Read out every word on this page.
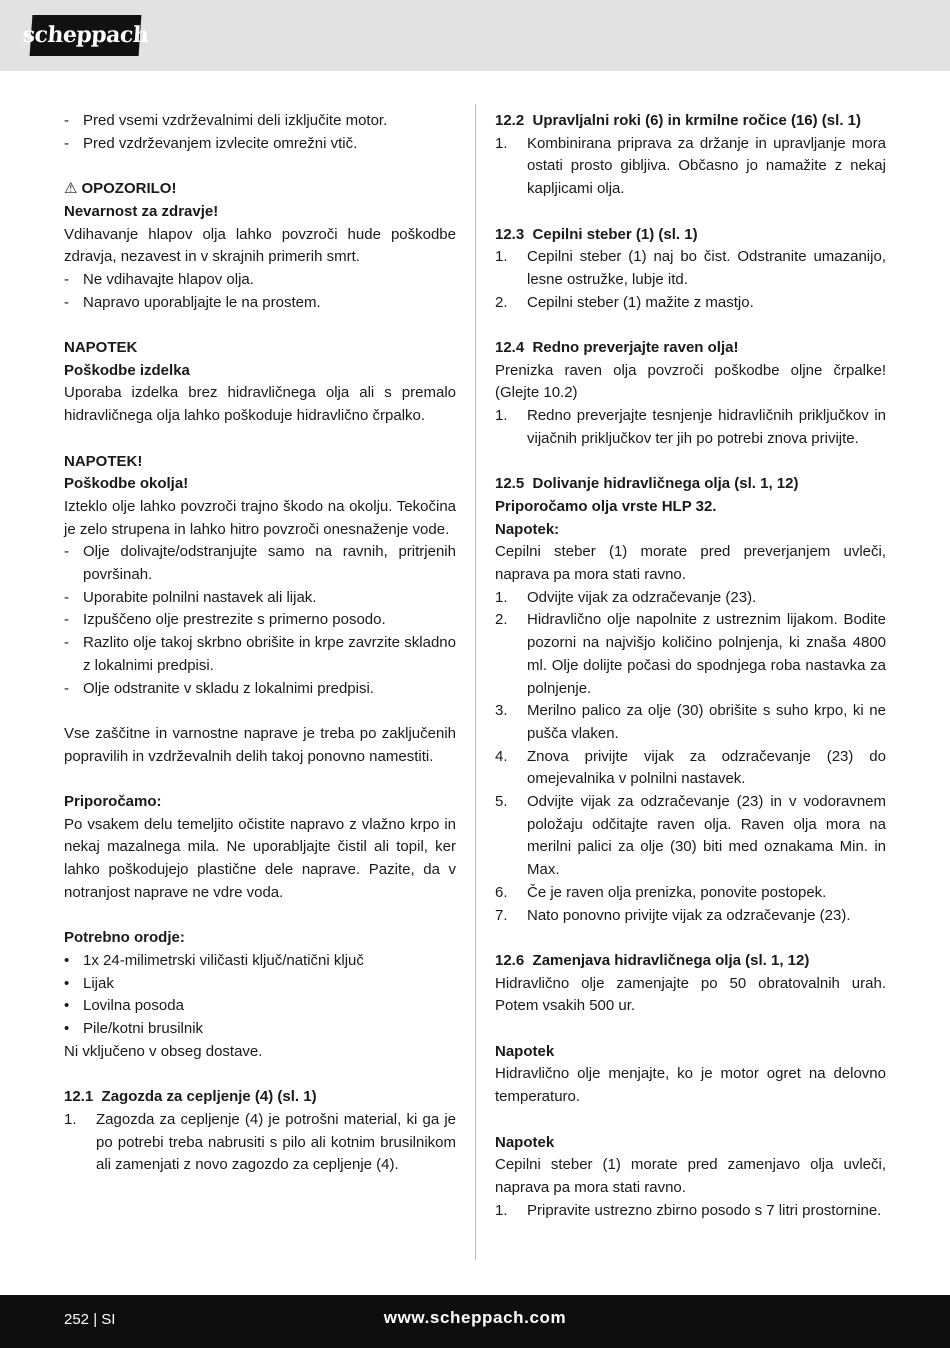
scheppach

- Pred vsemi vzdrževalnimi deli izključite motor.

- Pred vzdrževanjem izvlecite omrežni vtič.

⚠ OPOZORILO!

Nevarnost za zdravje!

Vdihavanje hlapov olja lahko povzroči hude poškodbe zdravja, nezavest in v skrajnih primerih smrt.

- Ne vdihavajte hlapov olja.

- Napravo uporabljajte le na prostem.

NAPOTEK

Poškodbe izdelka

Uporaba izdelka brez hidravličnega olja ali s premalo hidravličnega olja lahko poškoduje hidravlično črpalko.

NAPOTEK!

Poškodbe okolja!

Izteklo olje lahko povzroči trajno škodo na okolju. Tekočina je zelo strupena in lahko hitro povzroči onesnaženje vode.

- Olje dolivajte/odstranjujte samo na ravnih, pritrjenih površinah.

- Uporabite polnilni nastavek ali lijak.

- Izpuščeno olje prestrezite s primerno posodo.

- Razlito olje takoj skrbno obrišite in krpe zavrzite skladno z lokalnimi predpisi.

- Olje odstranite v skladu z lokalnimi predpisi.

Vse zaščitne in varnostne naprave je treba po zaključenih popravilih in vzdrževalnih delih takoj ponovno namestiti.

Priporočamo:

Po vsakem delu temeljito očistite napravo z vlažno krpo in nekaj mazalnega mila. Ne uporabljajte čistil ali topil, ker lahko poškodujejo plastične dele naprave. Pazite, da v notranjost naprave ne vdre voda.

Potrebno orodje:

• 1x 24-milimetrski viličasti ključ/natični ključ

• Lijak

• Lovilna posoda

• Pile/kotni brusilnik

Ni vključeno v obseg dostave.

12.1 Zagozda za cepljenje (4) (sl. 1)

1.	Zagozda za cepljenje (4) je potrošni material, ki ga je po potrebi treba nabrusiti s pilo ali kotnim brusilnikom ali zamenjati z novo zagozdo za cepljenje (4).

12.2 Upravljalni roki (6) in krmilne ročice (16) (sl. 1)

1.	Kombinirana priprava za držanje in upravljanje mora ostati prosto gibljiva. Občasno jo namažite z nekaj kapljicami olja.

12.3 Cepilni steber (1) (sl. 1)

1.	Cepilni steber (1) naj bo čist. Odstranite umazanijo, lesne ostružke, lubje itd.
2.	Cepilni steber (1) mažite z mastjo.

12.4 Redno preverjajte raven olja!

Prenizka raven olja povzroči poškodbe oljne črpalke! (Glejte 10.2)

1.	Redno preverjajte tesnjenje hidravličnih priključkov in vijačnih priključkov ter jih po potrebi znova privijte.

12.5 Dolivanje hidravličnega olja (sl. 1, 12)

Priporočamo olja vrste HLP 32.

Napotek:

Cepilni steber (1) morate pred preverjanjem uvleči, naprava pa mora stati ravno.

1.	Odvijte vijak za odzračevanje (23).
2.	Hidravlično olje napolnite z ustreznim lijakom. Bodite pozorni na najvišjo količino polnjenja, ki znaša 4800 ml. Olje dolijte počasi do spodnjega roba nastavka za polnjenje.
3.	Merilno palico za olje (30) obrišite s suho krpo, ki ne pušča vlaken.
4.	Znova privijte vijak za odzračevanje (23) do omejevalnika v polnilni nastavek.
5.	Odvijte vijak za odzračevanje (23) in v vodoravnem položaju odčitajte raven olja. Raven olja mora na merilni palici za olje (30) biti med oznakama Min. in Max.
6.	Če je raven olja prenizka, ponovite postopek.
7.	Nato ponovno privijte vijak za odzračevanje (23).

12.6 Zamenjava hidravličnega olja (sl. 1, 12)

Hidravlično olje zamenjajte po 50 obratovalnih urah. Potem vsakih 500 ur.

Napotek

Hidravlično olje menjajte, ko je motor ogret na delovno temperaturo.

Napotek

Cepilni steber (1) morate pred zamenjavo olja uvleči, naprava pa mora stati ravno.

1.	Pripravite ustrezno zbirno posodo s 7 litri prostornine.
252 | SI	www.scheppach.com
